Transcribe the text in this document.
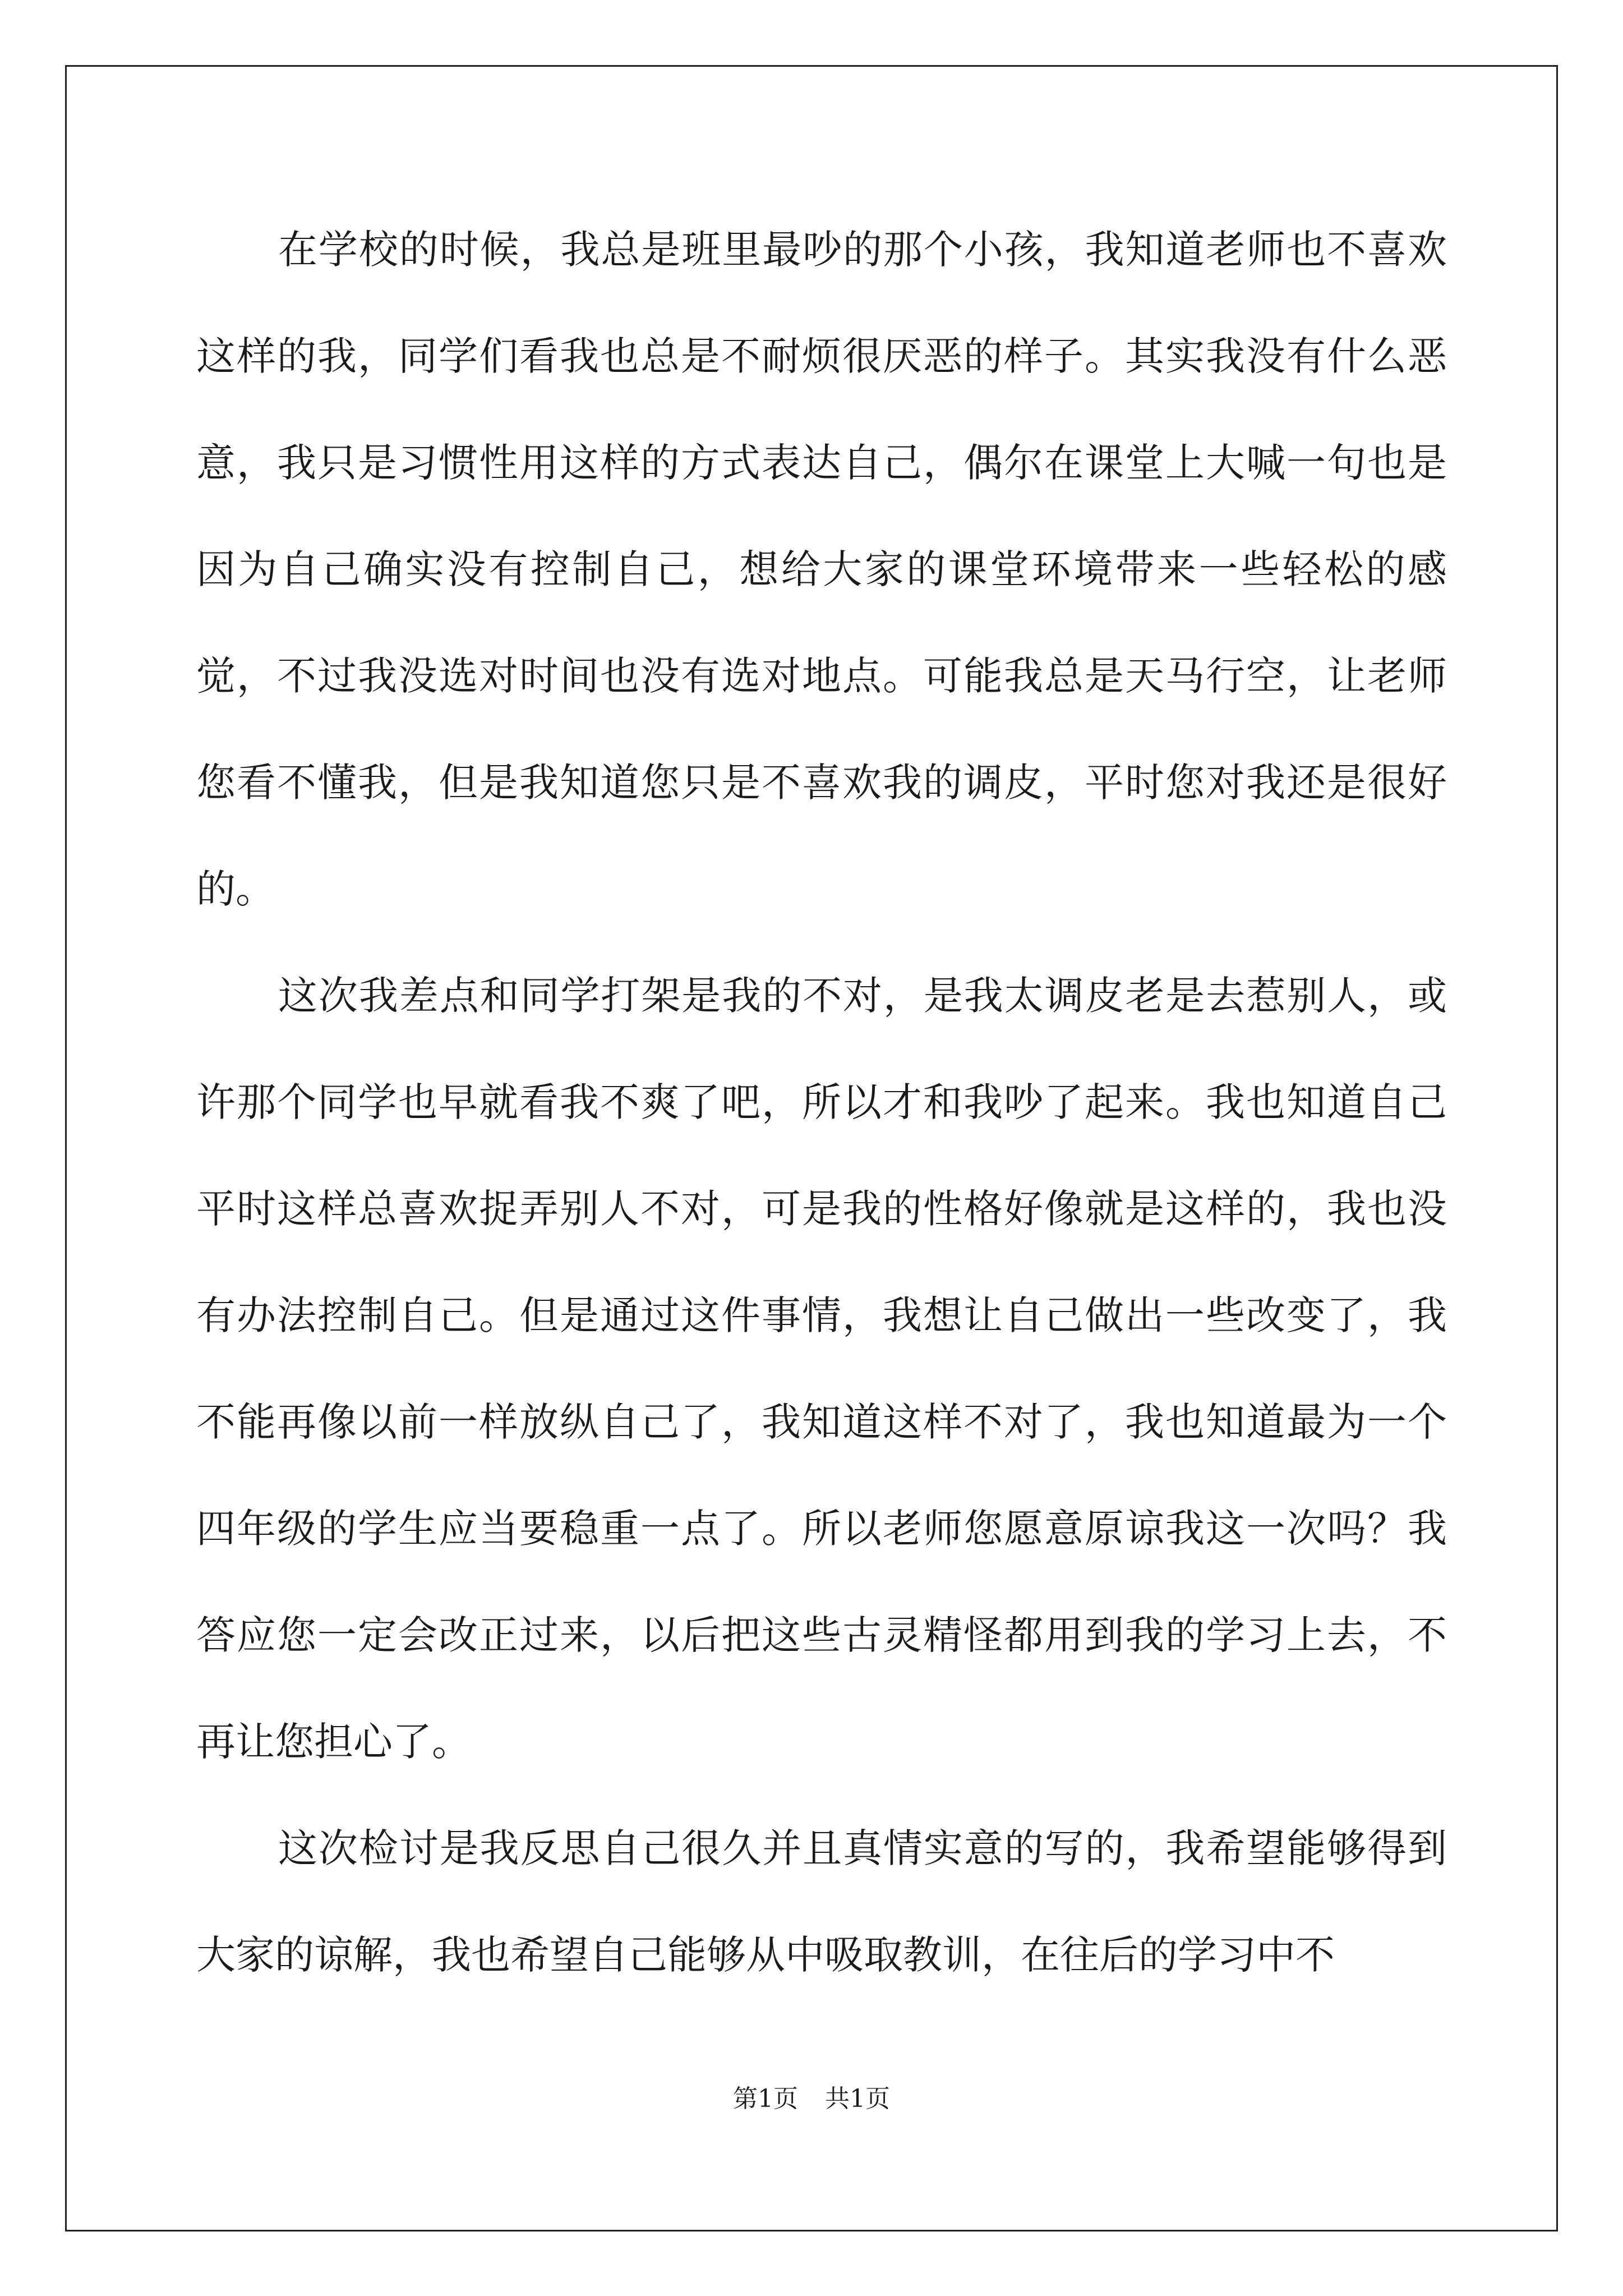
在学校的时候，我总是班里最吵的那个小孩，我知道老师也不喜欢这样的我，同学们看我也总是不耐烦很厌恶的样子。其实我没有什么恶意，我只是习惯性用这样的方式表达自己，偶尔在课堂上大喊一句也是因为自己确实没有控制自己，想给大家的课堂环境带来一些轻松的感觉，不过我没选对时间也没有选对地点。可能我总是天马行空，让老师您看不懂我，但是我知道您只是不喜欢我的调皮，平时您对我还是很好的。

这次我差点和同学打架是我的不对，是我太调皮老是去惹别人，或许那个同学也早就看我不爽了吧，所以才和我吵了起来。我也知道自己平时这样总喜欢捉弄别人不对，可是我的性格好像就是这样的，我也没有办法控制自己。但是通过这件事情，我想让自己做出一些改变了，我不能再像以前一样放纵自己了，我知道这样不对了，我也知道最为一个四年级的学生应当要稳重一点了。所以老师您愿意原谅我这一次吗？我答应您一定会改正过来，以后把这些古灵精怪都用到我的学习上去，不再让您担心了。

这次检讨是我反思自己很久并且真情实意的写的，我希望能够得到大家的谅解，我也希望自己能够从中吸取教训，在往后的学习中不

第1页 共1页
